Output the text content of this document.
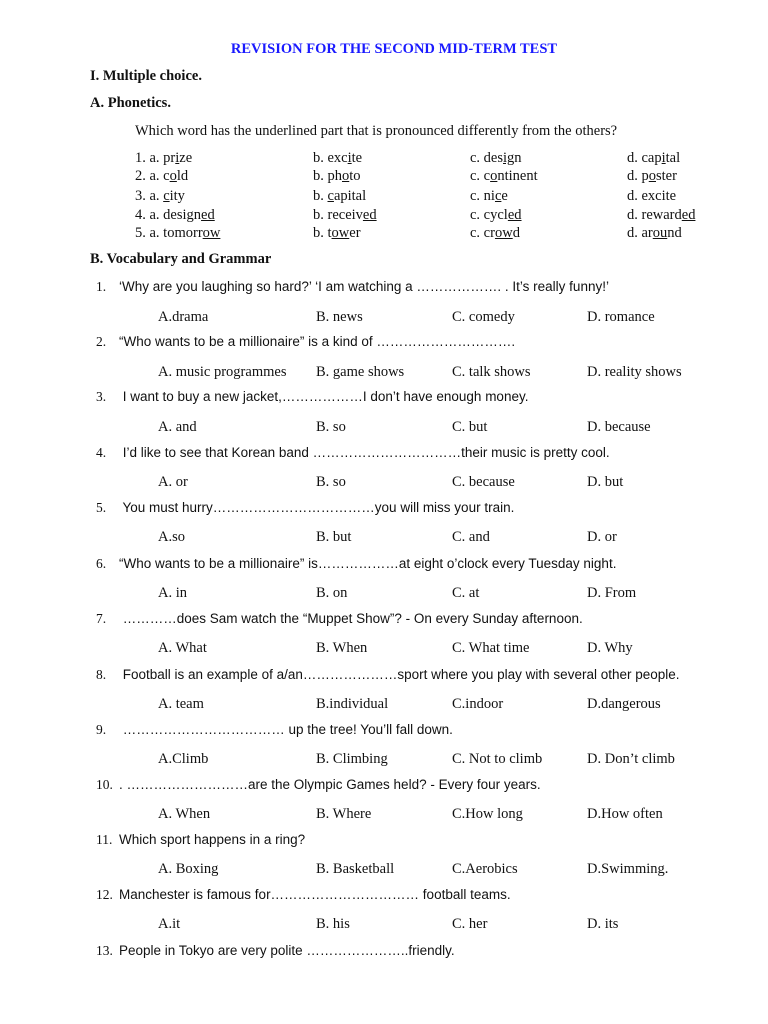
REVISION FOR THE SECOND MID-TERM TEST
I. Multiple choice.
A. Phonetics.
Which word has the underlined part that is pronounced differently from the others?
1. a. prize	b. excite	c. design	d. capital
2. a. cold	b. photo	c. continent	d. poster
3. a. city	b. capital	c. nice	d. excite
4. a. designed	b. received	c. cycled	d. rewarded
5. a. tomorrow	b. tower	c. crowd	d. around
B. Vocabulary and Grammar
1. ‘Why are you laughing so hard?’ ‘I am watching a ………………. . It’s really funny!’
A.drama	B. news	C. comedy	D. romance
2. “Who wants to be a millionaire” is a kind of ………………………….
A. music programmes B. game shows	C. talk shows	D. reality shows
3. I want to buy a new jacket,………………I don’t have enough money.
A. and	B. so	C. but	D. because
4. I’d like to see that Korean band ……………………………their music is pretty cool.
A. or	B. so	C. because	D. but
5. You must hurry………………………………you will miss your train.
A.so	B. but	C. and	D. or
6. “Who wants to be a millionaire” is………………at eight o’clock every Tuesday night.
A. in	B. on	C. at	D. From
7. …………does Sam watch the “Muppet Show”? - On every Sunday afternoon.
A. What	B. When	C. What time	D. Why
8. Football is an example of a/an…………………sport where you play with several other people.
A. team	B.individual	C.indoor	D.dangerous
9. ……………………………… up the tree! You’ll fall down.
A.Climb	B. Climbing	C. Not to climb	D. Don’t climb
10. . ………………………are the Olympic Games held? - Every four years.
A. When	B. Where	C.How long	D.How often
11. Which sport happens in a ring?
A. Boxing	B. Basketball	C.Aerobics	D.Swimming.
12. Manchester is famous for…………………………… football teams.
A.it	B. his	C. her	D. its
13. People in Tokyo are very polite …………………..friendly.
